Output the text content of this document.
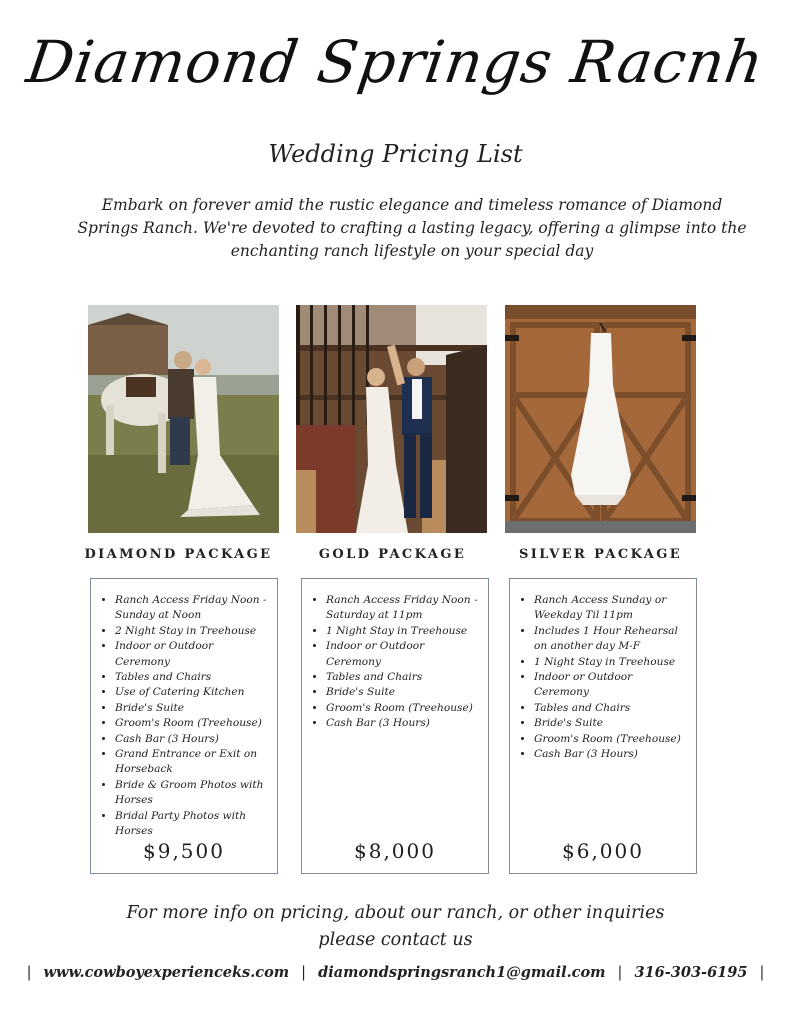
Diamond Springs Racnh
Wedding Pricing List
Embark on forever amid the rustic elegance and timeless romance of Diamond Springs Ranch. We're devoted to crafting a lasting legacy, offering a glimpse into the enchanting ranch lifestyle on your special day
DIAMOND PACKAGE	GOLD PACKAGE	SILVER PACKAGE
• Ranch Access Friday Noon - Sunday at Noon
• 2 Night Stay in Treehouse
• Indoor or Outdoor Ceremony
• Tables and Chairs
• Use of Catering Kitchen
• Bride's Suite
• Groom's Room (Treehouse)
• Cash Bar (3 Hours)
• Grand Entrance or Exit on Horseback
• Bride & Groom Photos with Horses
• Bridal Party Photos with Horses
$9,500
• Ranch Access Friday Noon - Saturday at 11pm
• 1 Night Stay in Treehouse
• Indoor or Outdoor Ceremony
• Tables and Chairs
• Bride's Suite
• Groom's Room (Treehouse)
• Cash Bar (3 Hours)
$8,000
• Ranch Access Sunday or Weekday Til 11pm
• Includes 1 Hour Rehearsal on another day M-F
• 1 Night Stay in Treehouse
• Indoor or Outdoor Ceremony
• Tables and Chairs
• Bride's Suite
• Groom's Room (Treehouse)
• Cash Bar (3 Hours)
$6,000
For more info on pricing, about our ranch, or other inquiries
please contact us
| www.cowboyexperienceks.com | diamondspringsranch1@gmail.com | 316-303-6195 |
